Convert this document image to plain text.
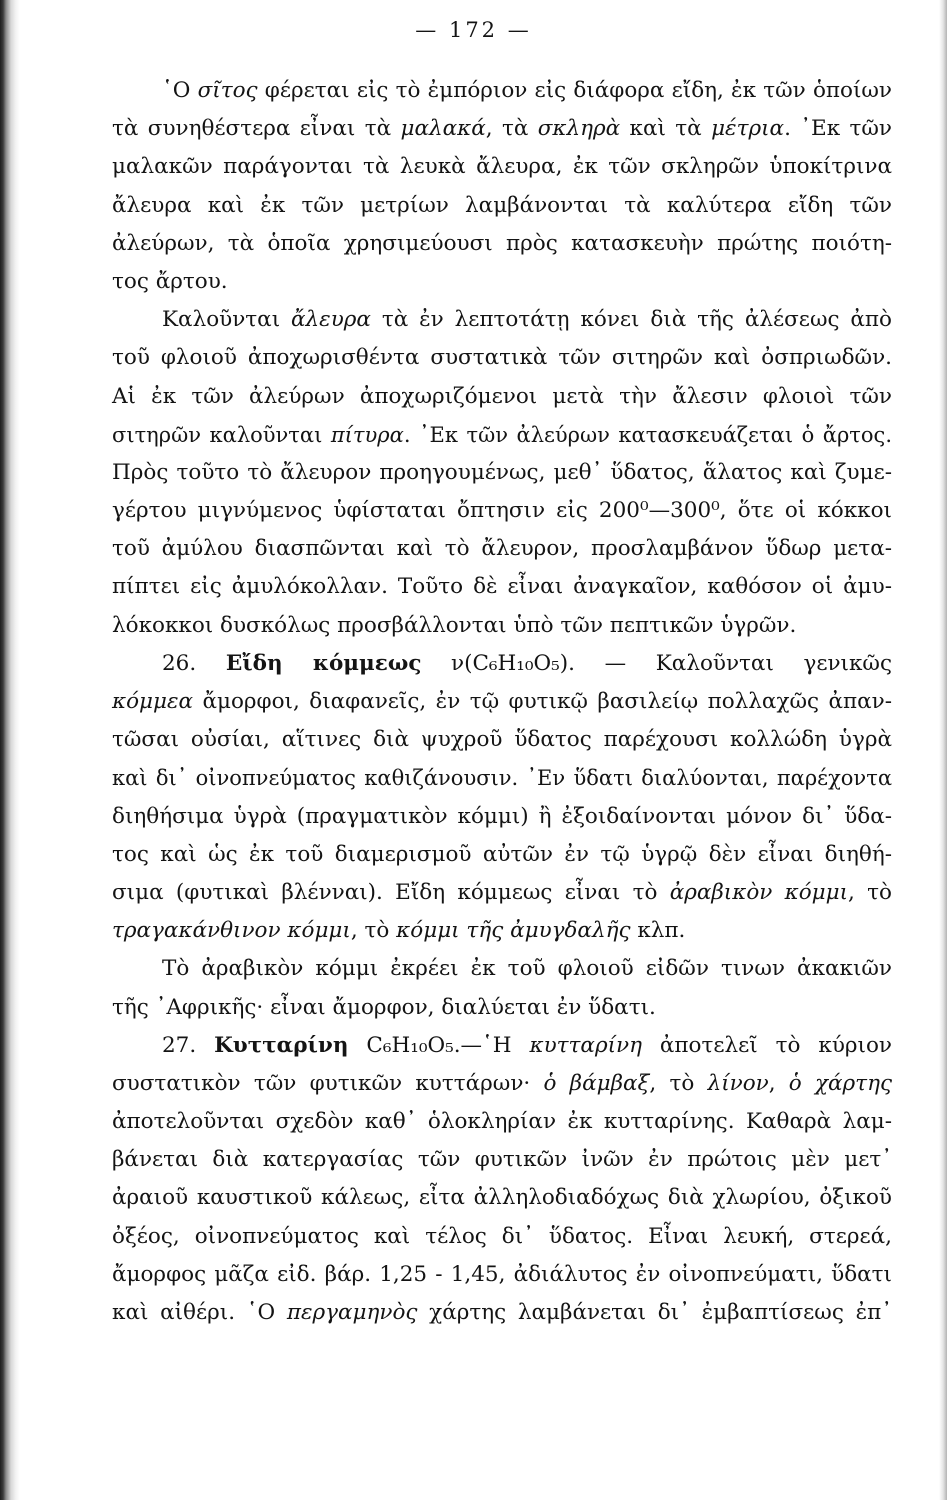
— 172 —
῾Ο σῖτος φέρεται εἰς τὸ ἐμπόριον εἰς διάφορα εἴδη, ἐκ τῶν ὁποίων
τὰ συνηθέστερα εἶναι τὰ μαλακά, τὰ σκληρὰ καὶ τὰ μέτρια. ᾿Εκ τῶν
μαλακῶν παράγονται τὰ λευκὰ ἄλευρα, ἐκ τῶν σκληρῶν ὑποκίτρινα
ἄλευρα καὶ ἐκ τῶν μετρίων λαμβάνονται τὰ καλύτερα εἴδη τῶν
ἀλεύρων, τὰ ὁποῖα χρησιμεύουσι πρὸς κατασκευὴν πρώτης ποιότη-
τος ἄρτου.
Καλοῦνται ἄλευρα τὰ ἐν λεπτοτάτῃ κόνει διὰ τῆς ἀλέσεως ἀπὸ
τοῦ φλοιοῦ ἀποχωρισθέντα συστατικὰ τῶν σιτηρῶν καὶ ὀσπριωδῶν.
Αἱ ἐκ τῶν ἀλεύρων ἀποχωριζόμενοι μετὰ τὴν ἄλεσιν φλοιοὶ τῶν
σιτηρῶν καλοῦνται πίτυρα. ᾿Εκ τῶν ἀλεύρων κατασκευάζεται ὁ ἄρτος.
Πρὸς τοῦτο τὸ ἄλευρον προηγουμένως, μεθ᾿ ὕδατος, ἅλατος καὶ ζυμε-
γέρτου μιγνύμενος ὑφίσταται ὄπτησιν εἰς 200⁰—300⁰, ὅτε οἱ κόκκοι
τοῦ ἀμύλου διασπῶνται καὶ τὸ ἄλευρον, προσλαμβάνον ὕδωρ μετα-
πίπτει εἰς ἀμυλόκολλαν. Τοῦτο δὲ εἶναι ἀναγκαῖον, καθόσον οἱ ἀμυ-
λόκοκκοι δυσκόλως προσβάλλονται ὑπὸ τῶν πεπτικῶν ὑγρῶν.
26. Εἴδη κόμμεως ν(C₆H₁₀O₅). — Καλοῦνται γενικῶς
κόμμεα ἄμορφοι, διαφανεῖς, ἐν τῷ φυτικῷ βασιλείῳ πολλαχῶς ἀπαν-
τῶσαι οὐσίαι, αἵτινες διὰ ψυχροῦ ὕδατος παρέχουσι κολλώδη ὑγρὰ
καὶ δι᾿ οἰνοπνεύματος καθιζάνουσιν. ᾿Εν ὕδατι διαλύονται, παρέχοντα
διηθήσιμα ὑγρὰ (πραγματικὸν κόμμι) ἢ ἐξοιδαίνονται μόνον δι᾿ ὕδα-
τος καὶ ὡς ἐκ τοῦ διαμερισμοῦ αὐτῶν ἐν τῷ ὑγρῷ δὲν εἶναι διηθή-
σιμα (φυτικαὶ βλένναι). Εἴδη κόμμεως εἶναι τὸ ἀραβικὸν κόμμι, τὸ
τραγακάνθινον κόμμι, τὸ κόμμι τῆς ἀμυγδαλῆς κλπ.
Τὸ ἀραβικὸν κόμμι ἐκρέει ἐκ τοῦ φλοιοῦ εἰδῶν τινων ἀκακιῶν
τῆς ᾿Αφρικῆς· εἶναι ἄμορφον, διαλύεται ἐν ὕδατι.
27. Κυτταρίνη C₆H₁₀O₅.—῾Η κυτταρίνη ἀποτελεῖ τὸ κύριον
συστατικὸν τῶν φυτικῶν κυττάρων· ὁ βάμβαξ, τὸ λίνον, ὁ χάρτης
ἀποτελοῦνται σχεδὸν καθ᾿ ὁλοκληρίαν ἐκ κυτταρίνης. Καθαρὰ λαμ-
βάνεται διὰ κατεργασίας τῶν φυτικῶν ἰνῶν ἐν πρώτοις μὲν μετ᾿
ἀραιοῦ καυστικοῦ κάλεως, εἶτα ἀλληλοδιαδόχως διὰ χλωρίου, ὀξικοῦ
ὀξέος, οἰνοπνεύματος καὶ τέλος δι᾿ ὕδατος. Εἶναι λευκή, στερεά,
ἄμορφος μᾶζα εἰδ. βάρ. 1,25 - 1,45, ἀδιάλυτος ἐν οἰνοπνεύματι, ὕδατι
καὶ αἰθέρι. ῾Ο περγαμηνὸς χάρτης λαμβάνεται δι᾿ ἐμβαπτίσεως ἐπ᾿
